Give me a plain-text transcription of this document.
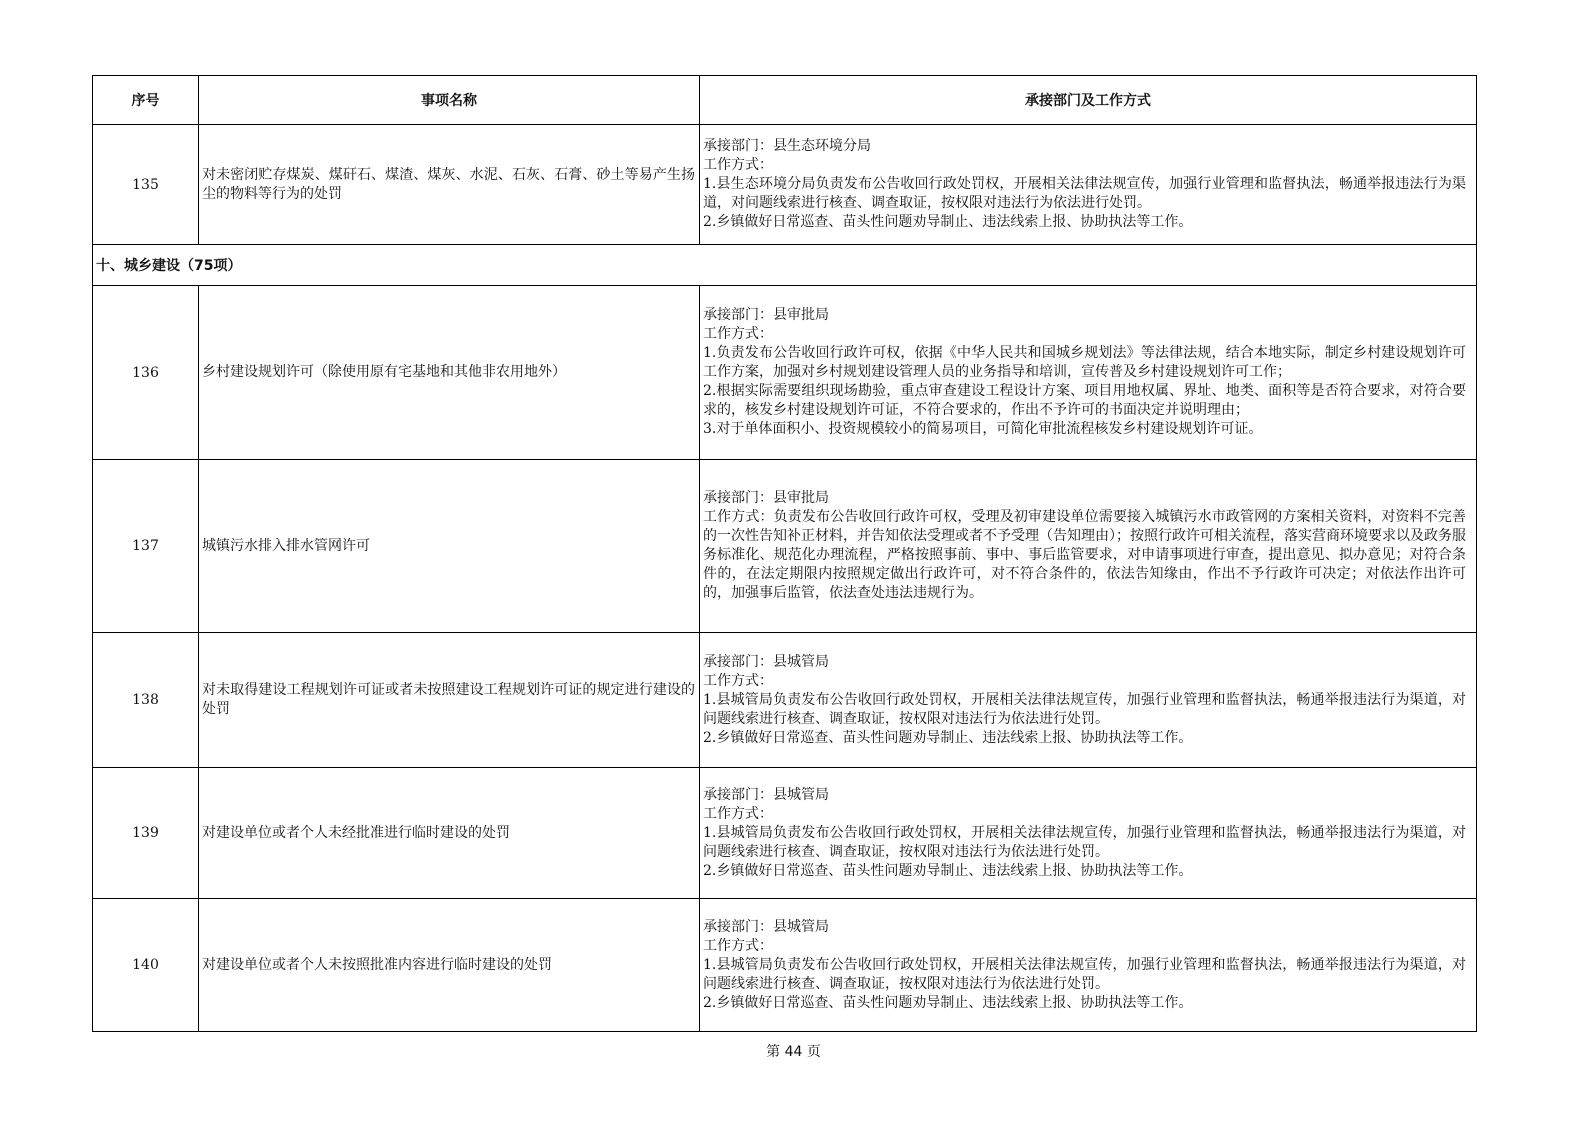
序号	事项名称	承接部门及工作方式
135	对未密闭贮存煤炭、煤矸石、煤渣、煤灰、水泥、石灰、石膏、砂土等易产生扬尘的物料等行为的处罚	承接部门：县生态环境分局
工作方式：
1.县生态环境分局负责发布公告收回行政处罚权，开展相关法律法规宣传，加强行业管理和监督执法，畅通举报违法行为渠道，对问题线索进行核查、调查取证，按权限对违法行为依法进行处罚。
2.乡镇做好日常巡查、苗头性问题劝导制止、违法线索上报、协助执法等工作。

十、城乡建设（75项）		
136	乡村建设规划许可（除使用原有宅基地和其他非农用地外）	承接部门：县审批局
工作方式：
1.负责发布公告收回行政许可权，依据《中华人民共和国城乡规划法》等法律法规，结合本地实际，制定乡村建设规划许可工作方案，加强对乡村规划建设管理人员的业务指导和培训，宣传普及乡村建设规划许可工作；
2.根据实际需要组织现场勘验，重点审查建设工程设计方案、项目用地权属、界址、地类、面积等是否符合要求，对符合要求的，核发乡村建设规划许可证，不符合要求的，作出不予许可的书面决定并说明理由；
3.对于单体面积小、投资规模较小的简易项目，可简化审批流程核发乡村建设规划许可证。

137	城镇污水排入排水管网许可	承接部门：县审批局
工作方式：负责发布公告收回行政许可权，受理及初审建设单位需要接入城镇污水市政管网的方案相关资料，对资料不完善的一次性告知补正材料，并告知依法受理或者不予受理（告知理由）；按照行政许可相关流程，落实营商环境要求以及政务服务标准化、规范化办理流程，严格按照事前、事中、事后监管要求，对申请事项进行审查，提出意见、拟办意见；对符合条件的，在法定期限内按照规定做出行政许可，对不符合条件的，依法告知缘由，作出不予行政许可决定；对依法作出许可的，加强事后监管，依法查处违法违规行为。

138	对未取得建设工程规划许可证或者未按照建设工程规划许可证的规定进行建设的处罚	承接部门：县城管局
工作方式：
1.县城管局负责发布公告收回行政处罚权，开展相关法律法规宣传，加强行业管理和监督执法，畅通举报违法行为渠道，对问题线索进行核查、调查取证，按权限对违法行为依法进行处罚。
2.乡镇做好日常巡查、苗头性问题劝导制止、违法线索上报、协助执法等工作。

139	对建设单位或者个人未经批准进行临时建设的处罚	承接部门：县城管局
工作方式：
1.县城管局负责发布公告收回行政处罚权，开展相关法律法规宣传，加强行业管理和监督执法，畅通举报违法行为渠道，对问题线索进行核查、调查取证，按权限对违法行为依法进行处罚。
2.乡镇做好日常巡查、苗头性问题劝导制止、违法线索上报、协助执法等工作。

140	对建设单位或者个人未按照批准内容进行临时建设的处罚	承接部门：县城管局
工作方式：
1.县城管局负责发布公告收回行政处罚权，开展相关法律法规宣传，加强行业管理和监督执法，畅通举报违法行为渠道，对问题线索进行核查、调查取证，按权限对违法行为依法进行处罚。
2.乡镇做好日常巡查、苗头性问题劝导制止、违法线索上报、协助执法等工作。
第 44 页
